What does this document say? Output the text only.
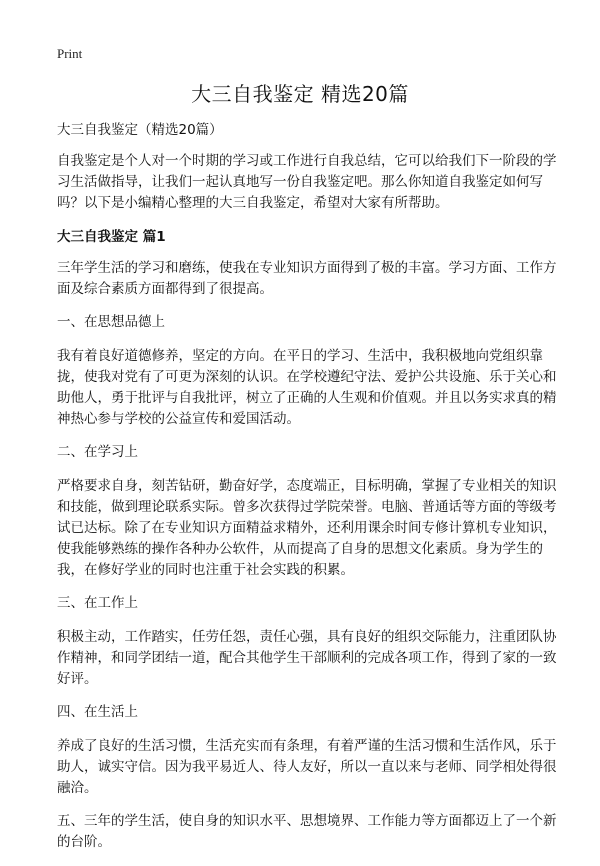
Print
大三自我鉴定 精选20篇

大三自我鉴定（精选20篇）

自我鉴定是个人对一个时期的学习或工作进行自我总结，它可以给我们下一阶段的学习生活做指导，让我们一起认真地写一份自我鉴定吧。那么你知道自我鉴定如何写吗？以下是小编精心整理的大三自我鉴定，希望对大家有所帮助。

大三自我鉴定 篇1

三年学生活的学习和磨练，使我在专业知识方面得到了极的丰富。学习方面、工作方面及综合素质方面都得到了很提高。

一、在思想品德上

我有着良好道德修养，坚定的方向。在平日的学习、生活中，我积极地向党组织靠拢，使我对党有了可更为深刻的认识。在学校遵纪守法、爱护公共设施、乐于关心和助他人，勇于批评与自我批评，树立了正确的人生观和价值观。并且以务实求真的精神热心参与学校的公益宣传和爱国活动。

二、在学习上

严格要求自身，刻苦钻研，勤奋好学，态度端正，目标明确，掌握了专业相关的知识和技能，做到理论联系实际。曾多次获得过学院荣誉。电脑、普通话等方面的等级考试已达标。除了在专业知识方面精益求精外，还利用课余时间专修计算机专业知识，使我能够熟练的操作各种办公软件，从而提高了自身的思想文化素质。身为学生的我，在修好学业的同时也注重于社会实践的积累。

三、在工作上

积极主动，工作踏实，任劳任怨，责任心强，具有良好的组织交际能力，注重团队协作精神，和同学团结一道，配合其他学生干部顺利的完成各项工作，得到了家的一致好评。

四、在生活上

养成了良好的生活习惯，生活充实而有条理，有着严谨的生活习惯和生活作风，乐于助人，诚实守信。因为我平易近人、待人友好，所以一直以来与老师、同学相处得很融洽。

五、三年的学生活，使自身的知识水平、思想境界、工作能力等方面都迈上了一个新的台阶。
